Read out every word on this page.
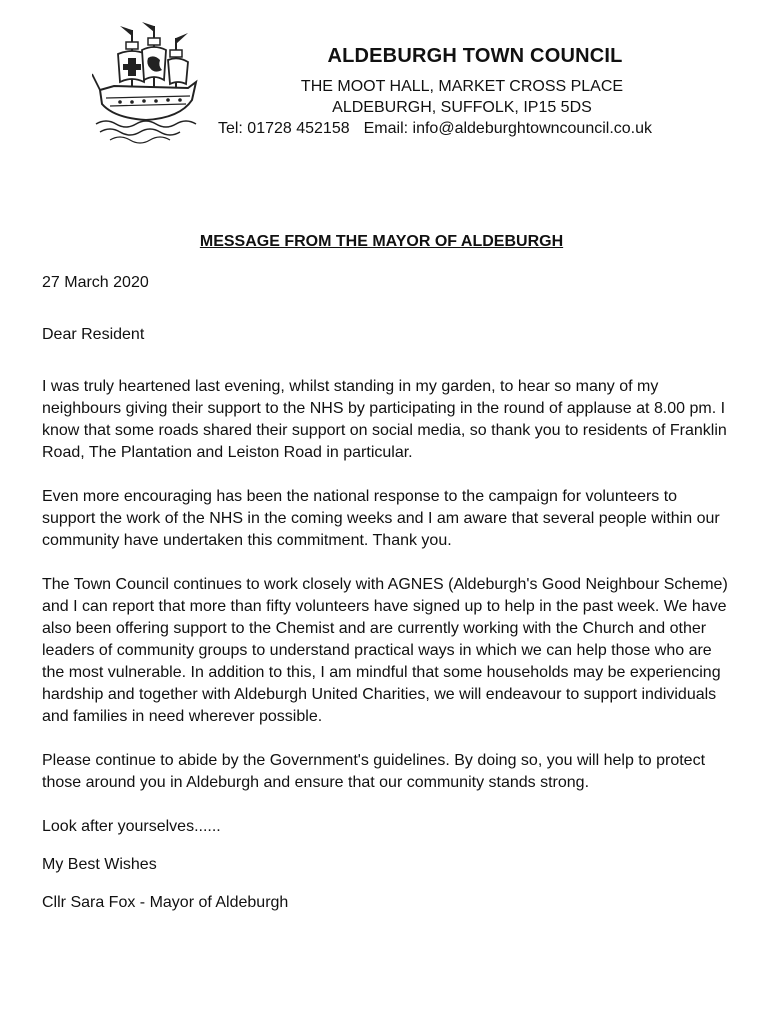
ALDEBURGH TOWN COUNCIL

THE MOOT HALL, MARKET CROSS PLACE

ALDEBURGH, SUFFOLK, IP15 5DS

Tel: 01728 452158 Email: info@aldeburghtowncouncil.co.uk

MESSAGE FROM THE MAYOR OF ALDEBURGH

27 March 2020

Dear Resident

I was truly heartened last evening, whilst standing in my garden, to hear so many of my neighbours giving their support to the NHS by participating in the round of applause at 8.00 pm. I know that some roads shared their support on social media, so thank you to residents of Franklin Road, The Plantation and Leiston Road in particular.

Even more encouraging has been the national response to the campaign for volunteers to support the work of the NHS in the coming weeks and I am aware that several people within our community have undertaken this commitment. Thank you.

The Town Council continues to work closely with AGNES (Aldeburgh's Good Neighbour Scheme) and I can report that more than fifty volunteers have signed up to help in the past week. We have also been offering support to the Chemist and are currently working with the Church and other leaders of community groups to understand practical ways in which we can help those who are the most vulnerable. In addition to this, I am mindful that some households may be experiencing hardship and together with Aldeburgh United Charities, we will endeavour to support individuals and families in need wherever possible.

Please continue to abide by the Government's guidelines. By doing so, you will help to protect those around you in Aldeburgh and ensure that our community stands strong.

Look after yourselves......

My Best Wishes

Cllr Sara Fox - Mayor of Aldeburgh
